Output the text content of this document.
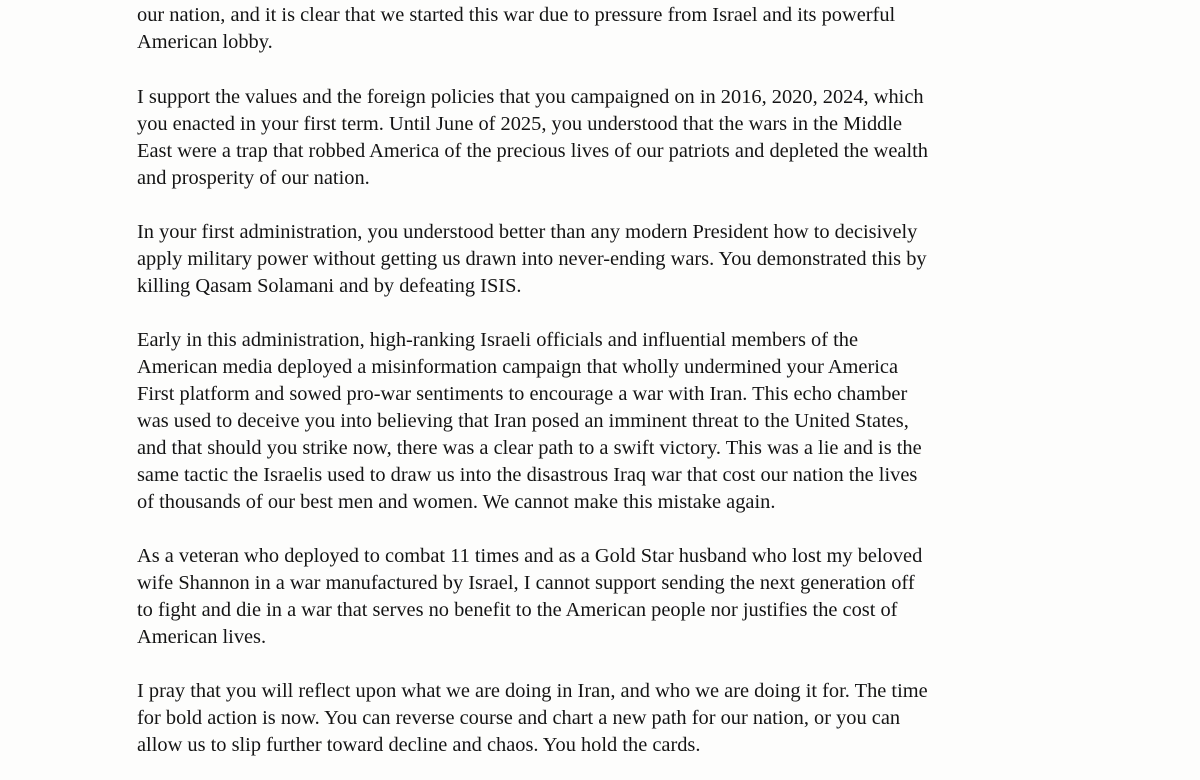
our nation, and it is clear that we started this war due to pressure from Israel and its powerful
American lobby.

I support the values and the foreign policies that you campaigned on in 2016, 2020, 2024, which
you enacted in your first term. Until June of 2025, you understood that the wars in the Middle
East were a trap that robbed America of the precious lives of our patriots and depleted the wealth
and prosperity of our nation.

In your first administration, you understood better than any modern President how to decisively
apply military power without getting us drawn into never-ending wars. You demonstrated this by
killing Qasam Solamani and by defeating ISIS.

Early in this administration, high-ranking Israeli officials and influential members of the
American media deployed a misinformation campaign that wholly undermined your America
First platform and sowed pro-war sentiments to encourage a war with Iran. This echo chamber
was used to deceive you into believing that Iran posed an imminent threat to the United States,
and that should you strike now, there was a clear path to a swift victory. This was a lie and is the
same tactic the Israelis used to draw us into the disastrous Iraq war that cost our nation the lives
of thousands of our best men and women. We cannot make this mistake again.

As a veteran who deployed to combat 11 times and as a Gold Star husband who lost my beloved
wife Shannon in a war manufactured by Israel, I cannot support sending the next generation off
to fight and die in a war that serves no benefit to the American people nor justifies the cost of
American lives.

I pray that you will reflect upon what we are doing in Iran, and who we are doing it for. The time
for bold action is now. You can reverse course and chart a new path for our nation, or you can
allow us to slip further toward decline and chaos. You hold the cards.
